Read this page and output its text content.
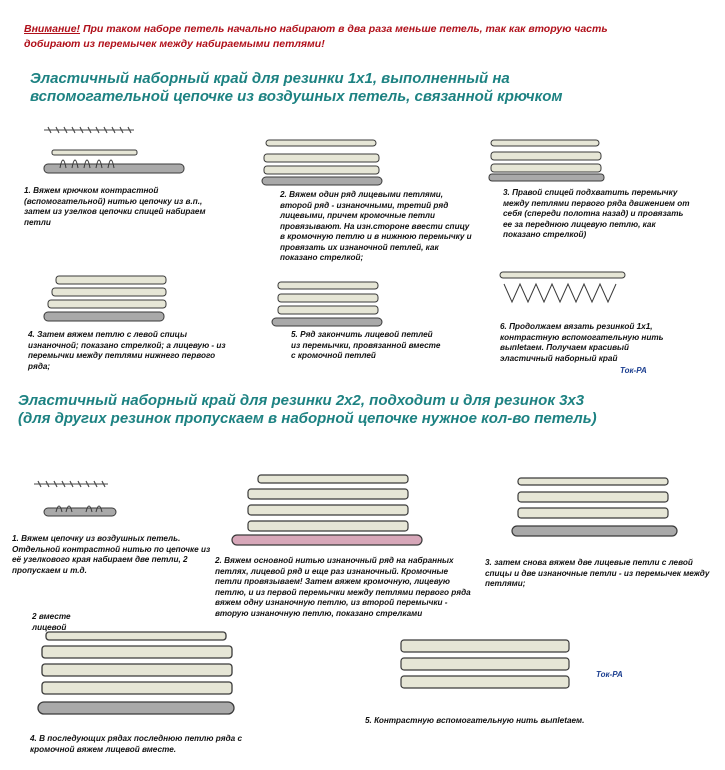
Внимание! При таком наборе петель начально набирают в два раза меньше петель, так как вторую часть добирают из перемычек между набираемыми петлями!
Эластичный наборный край для резинки 1х1, выполненный на
вспомогательной цепочке из воздушных петель, связанной крючком
1. Вяжем крючком контрастной (вспомогательной) нитью цепочку из в.п., затем из узелков цепочки спицей набираем петли
2. Вяжем один ряд лицевыми петлями, второй ряд - изнаночными, третий ряд лицевыми, причем кромочные петли провязывают. На изн.стороне ввести спицу в кромочную петлю и в нижнюю перемычку и провязать их изнаночной петлей, как показано стрелкой;
3. Правой спицей подхватить перемычку между петлями первого ряда движением от себя (спереди полотна назад) и провязать ее за переднюю лицевую петлю, как показано стрелкой)
4. Затем вяжем петлю с левой спицы изнаночной; показано стрелкой; а лицевую - из перемычки между петлями нижнего первого ряда;
5. Ряд закончить лицевой петлей из перемычки, провязанной вместе с кромочной петлей
6. Продолжаем вязать резинкой 1х1, контрастную вспомогательную нить выпletaем. Получаем красивый эластичный наборный край
Ток-РА
Эластичный наборный край для резинки 2х2, подходит и для резинок 3х3
(для других резинок пропускаем в наборной цепочке нужное кол-во петель)
1. Вяжем цепочку из воздушных петель. Отдельной контрастной нитью по цепочке из её узелкового края набираем две петли, 2 пропускаем и т.д.
2. Вяжем основной нитью изнаночный ряд на набранных петлях, лицевой ряд и еще раз изнаночный. Кромочные петли провязываем! Затем вяжем кромочную, лицевую петлю, и из первой перемычки между петлями первого ряда вяжем одну изнаночную петлю, из второй перемычки - вторую изнаночную петлю, показано стрелками
3. затем снова вяжем две лицевые петли с левой спицы и две изнаночные петли - из перемычек между петлями;
2 вместе лицевой
4. В последующих рядах последнюю петлю ряда с кромочной вяжем лицевой вместе.
5. Контрастную вспомогательную нить выпletaем.
Ток-РА
